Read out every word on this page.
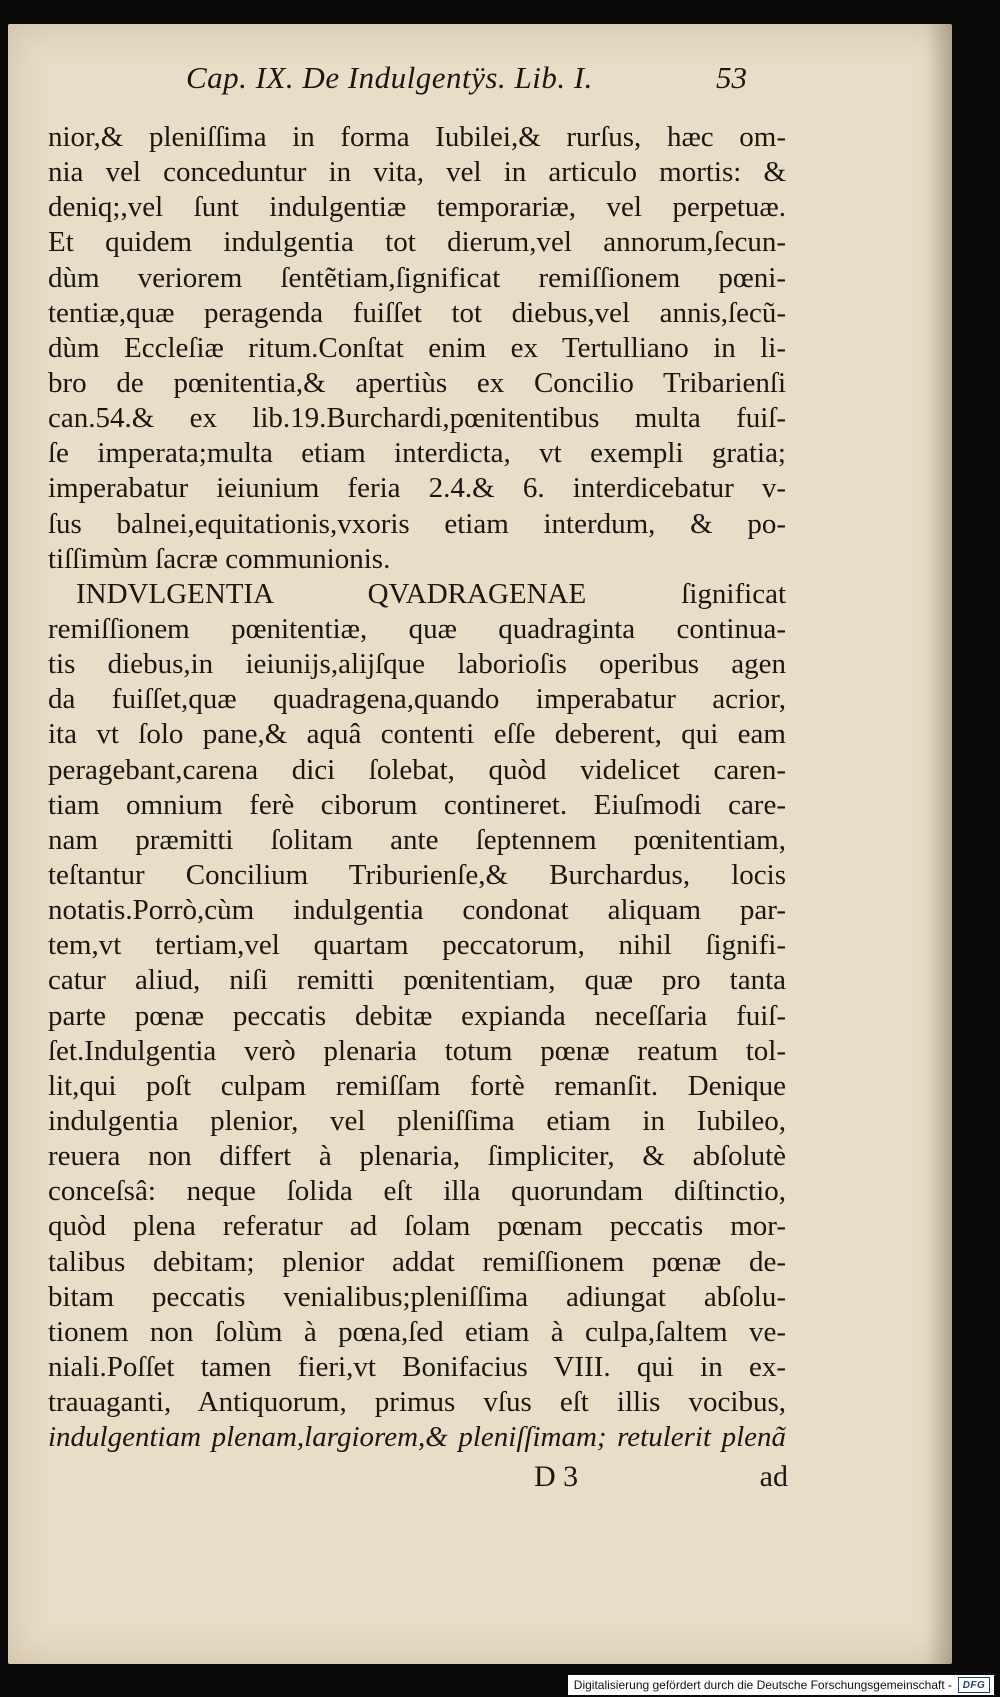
Cap. IX. De Indulgentÿs. Lib. I.	53
nior,& pleniſſima in forma Iubilei,& rurſus, hæc om-
nia vel conceduntur in vita, vel in articulo mortis: &
deniq;,vel ſunt indulgentiæ temporariæ, vel perpetuæ.
Et quidem indulgentia tot dierum,vel annorum,ſecun-
dùm veriorem ſentẽtiam,ſignificat remiſſionem pœni-
tentiæ,quæ peragenda fuiſſet tot diebus,vel annis,ſecũ-
dùm Eccleſiæ ritum.Conſtat enim ex Tertulliano in li-
bro de pœnitentia,& apertiùs ex Concilio Tribarienſi
can.54.& ex lib.19.Burchardi,pœnitentibus multa fuiſ-
ſe imperata;multa etiam interdicta, vt exempli gratia;
imperabatur ieiunium feria 2.4.& 6. interdicebatur v-
ſus balnei,equitationis,vxoris etiam interdum, & po-
tiſſimùm ſacræ communionis.
INDVLGENTIA QVADRAGENAE ſignificat
remiſſionem pœnitentiæ, quæ quadraginta continua-
tis diebus,in ieiunijs,alijſque laborioſis operibus agen
da fuiſſet,quæ quadragena,quando imperabatur acrior,
ita vt ſolo pane,& aquâ contenti eſſe deberent, qui eam
peragebant,carena dici ſolebat, quòd videlicet caren-
tiam omnium ferè ciborum contineret. Eiuſmodi care-
nam præmitti ſolitam ante ſeptennem pœnitentiam,
teſtantur Concilium Triburienſe,& Burchardus, locis
notatis.Porrò,cùm indulgentia condonat aliquam par-
tem,vt tertiam,vel quartam peccatorum, nihil ſignifi-
catur aliud, niſi remitti pœnitentiam, quæ pro tanta
parte pœnæ peccatis debitæ expianda neceſſaria fuiſ-
ſet.Indulgentia verò plenaria totum pœnæ reatum tol-
lit,qui poſt culpam remiſſam fortè remanſit. Denique
indulgentia plenior, vel pleniſſima etiam in Iubileo,
reuera non differt à plenaria, ſimpliciter, & abſolutè
conceſsâ: neque ſolida eſt illa quorundam diſtinctio,
quòd plena referatur ad ſolam pœnam peccatis mor-
talibus debitam; plenior addat remiſſionem pœnæ de-
bitam peccatis venialibus;pleniſſima adiungat abſolu-
tionem non ſolùm à pœna,ſed etiam à culpa,ſaltem ve-
niali.Poſſet tamen fieri,vt Bonifacius VIII. qui in ex-
trauaganti, Antiquorum, primus vſus eſt illis vocibus,
indulgentiam plenam,largiorem,& pleniſſimam; retulerit plenã
D 3	ad
Digitalisierung gefördert durch die Deutsche Forschungsgemeinschaft - DFG
